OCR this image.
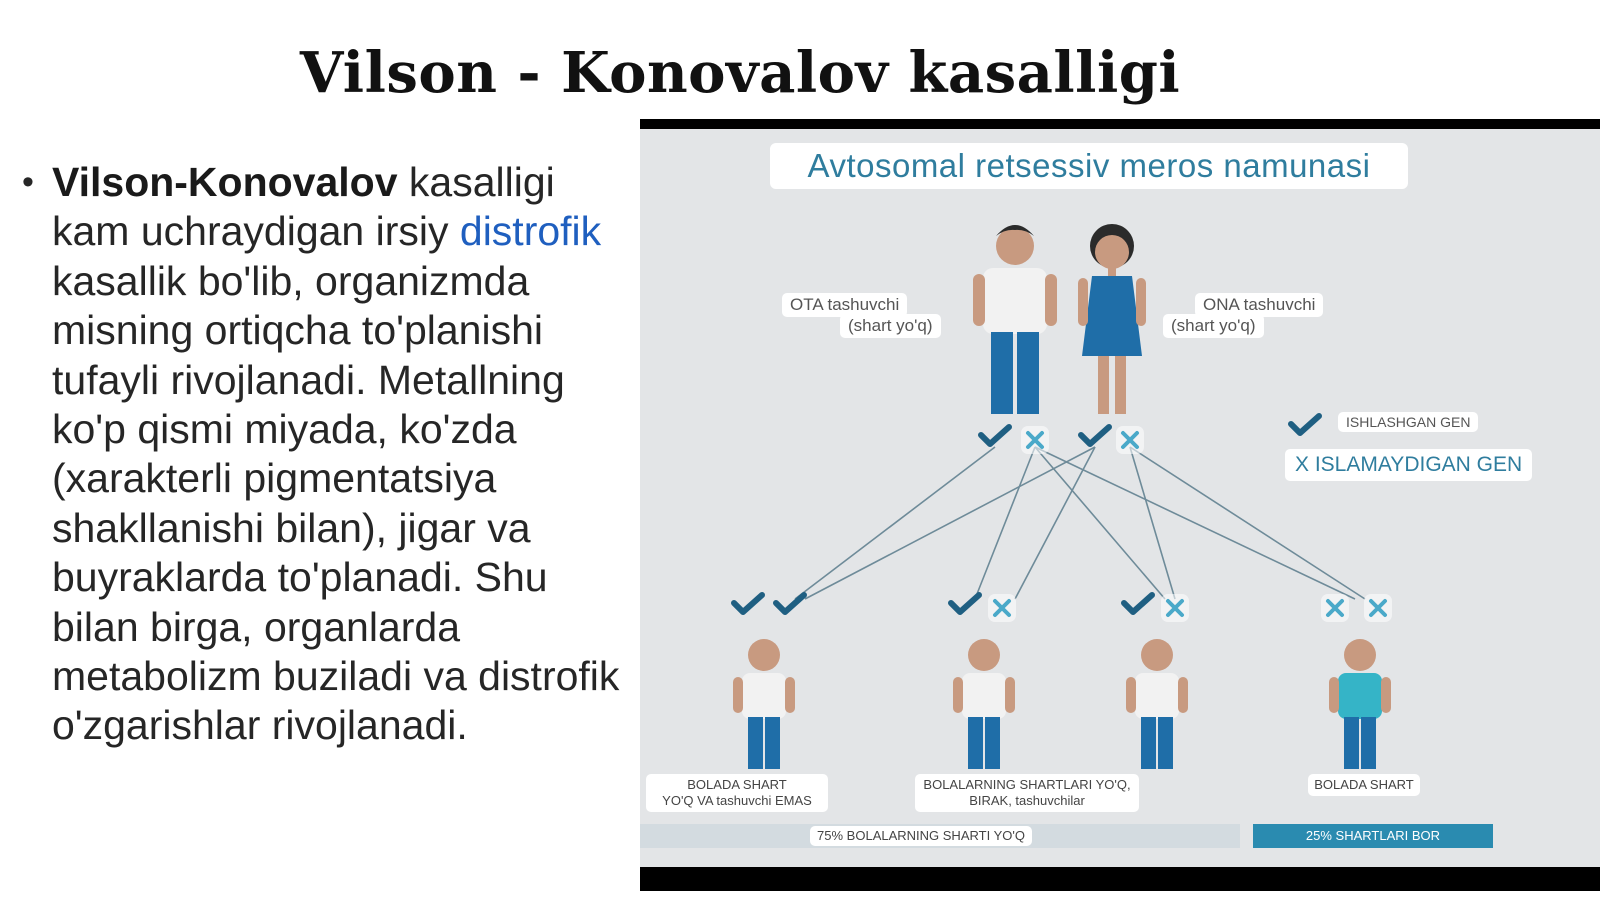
Vilson - Konovalov kasalligi
• Vilson-Konovalov kasalligi kam uchraydigan irsiy distrofik kasallik bo'lib, organizmda misning ortiqcha to'planishi tufayli rivojlanadi. Metallning ko'p qismi miyada, ko'zda (xarakterli pigmentatsiya shakllanishi bilan), jigar va buyraklarda to'planadi. Shu bilan birga, organlarda metabolizm buziladi va distrofik o'zgarishlar rivojlanadi.
Avtosomal retsessiv meros namunasi
OTA tashuvchi
(shart yo'q)
ONA tashuvchi
(shart yo'q)
ISHLASHGAN GEN
X ISLAMAYDIGAN GEN
BOLADA SHART
YO'Q VA tashuvchi EMAS
BOLALARNING SHARTLARI YO'Q,
BIRAK, tashuvchilar
BOLADA SHART
75% BOLALARNING SHARTI YO'Q	25% SHARTLARI BOR
